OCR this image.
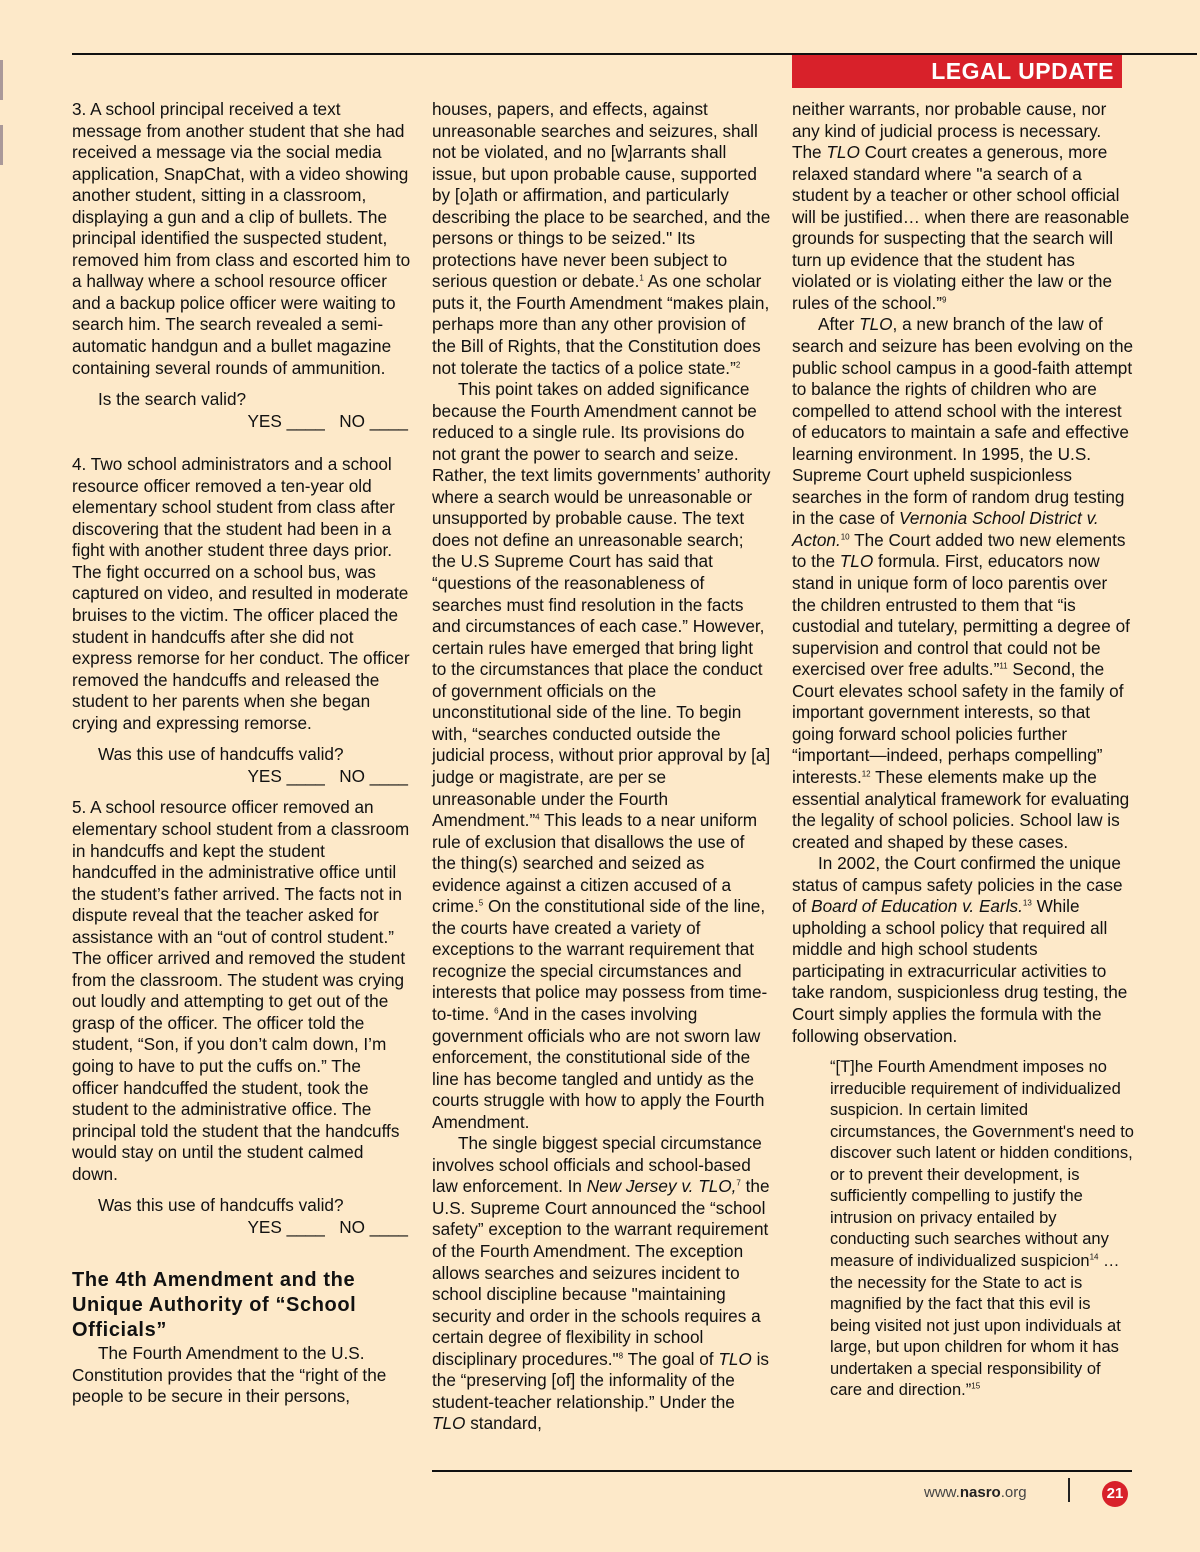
LEGAL UPDATE

3. A school principal received a text message from another student that she had received a message via the social media application, SnapChat, with a video showing another student, sitting in a classroom, displaying a gun and a clip of bullets. The principal identified the suspected student, removed him from class and escorted him to a hallway where a school resource officer and a backup police officer were waiting to search him. The search revealed a semi-automatic handgun and a bullet magazine containing several rounds of ammunition.

Is the search valid?

YES ____   NO ____

4. Two school administrators and a school resource officer removed a ten-year old elementary school student from class after discovering that the student had been in a fight with another student three days prior. The fight occurred on a school bus, was captured on video, and resulted in moderate bruises to the victim. The officer placed the student in handcuffs after she did not express remorse for her conduct. The officer removed the handcuffs and released the student to her parents when she began crying and expressing remorse.

Was this use of handcuffs valid?

YES ____   NO ____

5. A school resource officer removed an elementary school student from a classroom in handcuffs and kept the student handcuffed in the administrative office until the student’s father arrived. The facts not in dispute reveal that the teacher asked for assistance with an “out of control student.” The officer arrived and removed the student from the classroom. The student was crying out loudly and attempting to get out of the grasp of the officer. The officer told the student, “Son, if you don’t calm down, I’m going to have to put the cuffs on.” The officer handcuffed the student, took the student to the administrative office. The principal told the student that the handcuffs would stay on until the student calmed down.

Was this use of handcuffs valid?

YES ____   NO ____

The 4th Amendment and the Unique Authority of “School Officials”

The Fourth Amendment to the U.S. Constitution provides that the “right of the people to be secure in their persons,

houses, papers, and effects, against unreasonable searches and seizures, shall not be violated, and no [w]arrants shall issue, but upon probable cause, supported by [o]ath or affirmation, and particularly describing the place to be searched, and the persons or things to be seized." Its protections have never been subject to serious question or debate.$^1$ As one scholar puts it, the Fourth Amendment “makes plain, perhaps more than any other provision of the Bill of Rights, that the Constitution does not tolerate the tactics of a police state.”$^2$

This point takes on added significance because the Fourth Amendment cannot be reduced to a single rule. Its provisions do not grant the power to search and seize. Rather, the text limits governments’ authority where a search would be unreasonable or unsupported by probable cause. The text does not define an unreasonable search; the U.S Supreme Court has said that “questions of the reasonableness of searches must find resolution in the facts and circumstances of each case.” However, certain rules have emerged that bring light to the circumstances that place the conduct of government officials on the unconstitutional side of the line. To begin with, “searches conducted outside the judicial process, without prior approval by [a] judge or magistrate, are per se unreasonable under the Fourth Amendment.”$^4$ This leads to a near uniform rule of exclusion that disallows the use of the thing(s) searched and seized as evidence against a citizen accused of a crime.$^5$ On the constitutional side of the line, the courts have created a variety of exceptions to the warrant requirement that recognize the special circumstances and interests that police may possess from time-to-time. $^6$And in the cases involving government officials who are not sworn law enforcement, the constitutional side of the line has become tangled and untidy as the courts struggle with how to apply the Fourth Amendment.

The single biggest special circumstance involves school officials and school-based law enforcement. In New Jersey v. TLO,$^7$ the U.S. Supreme Court announced the “school safety” exception to the warrant requirement of the Fourth Amendment. The exception allows searches and seizures incident to school discipline because "maintaining security and order in the schools requires a certain degree of flexibility in school disciplinary procedures."$^8$ The goal of TLO is the “preserving [of] the informality of the student-teacher relationship.” Under the TLO standard,

neither warrants, nor probable cause, nor any kind of judicial process is necessary. The TLO Court creates a generous, more relaxed standard where "a search of a student by a teacher or other school official will be justified… when there are reasonable grounds for suspecting that the search will turn up evidence that the student has violated or is violating either the law or the rules of the school.”$^9$

After TLO, a new branch of the law of search and seizure has been evolving on the public school campus in a good-faith attempt to balance the rights of children who are compelled to attend school with the interest of educators to maintain a safe and effective learning environment. In 1995, the U.S. Supreme Court upheld suspicionless searches in the form of random drug testing in the case of Vernonia School District v. Acton.$^{10}$ The Court added two new elements to the TLO formula. First, educators now stand in unique form of loco parentis over the children entrusted to them that “is custodial and tutelary, permitting a degree of supervision and control that could not be exercised over free adults.”$^{11}$ Second, the Court elevates school safety in the family of important government interests, so that going forward school policies further “important—indeed, perhaps compelling” interests.$^{12}$ These elements make up the essential analytical framework for evaluating the legality of school policies. School law is created and shaped by these cases.

In 2002, the Court confirmed the unique status of campus safety policies in the case of Board of Education v. Earls.$^{13}$ While upholding a school policy that required all middle and high school students participating in extracurricular activities to take random, suspicionless drug testing, the Court simply applies the formula with the following observation.

“[T]he Fourth Amendment imposes no irreducible requirement of individualized suspicion. In certain limited circumstances, the Government's need to discover such latent or hidden conditions, or to prevent their development, is sufficiently compelling to justify the intrusion on privacy entailed by conducting such searches without any measure of individualized suspicion$^{14}$ … the necessity for the State to act is magnified by the fact that this evil is being visited not just upon individuals at large, but upon children for whom it has undertaken a special responsibility of care and direction.”$^{15}$

www.nasro.org	21
